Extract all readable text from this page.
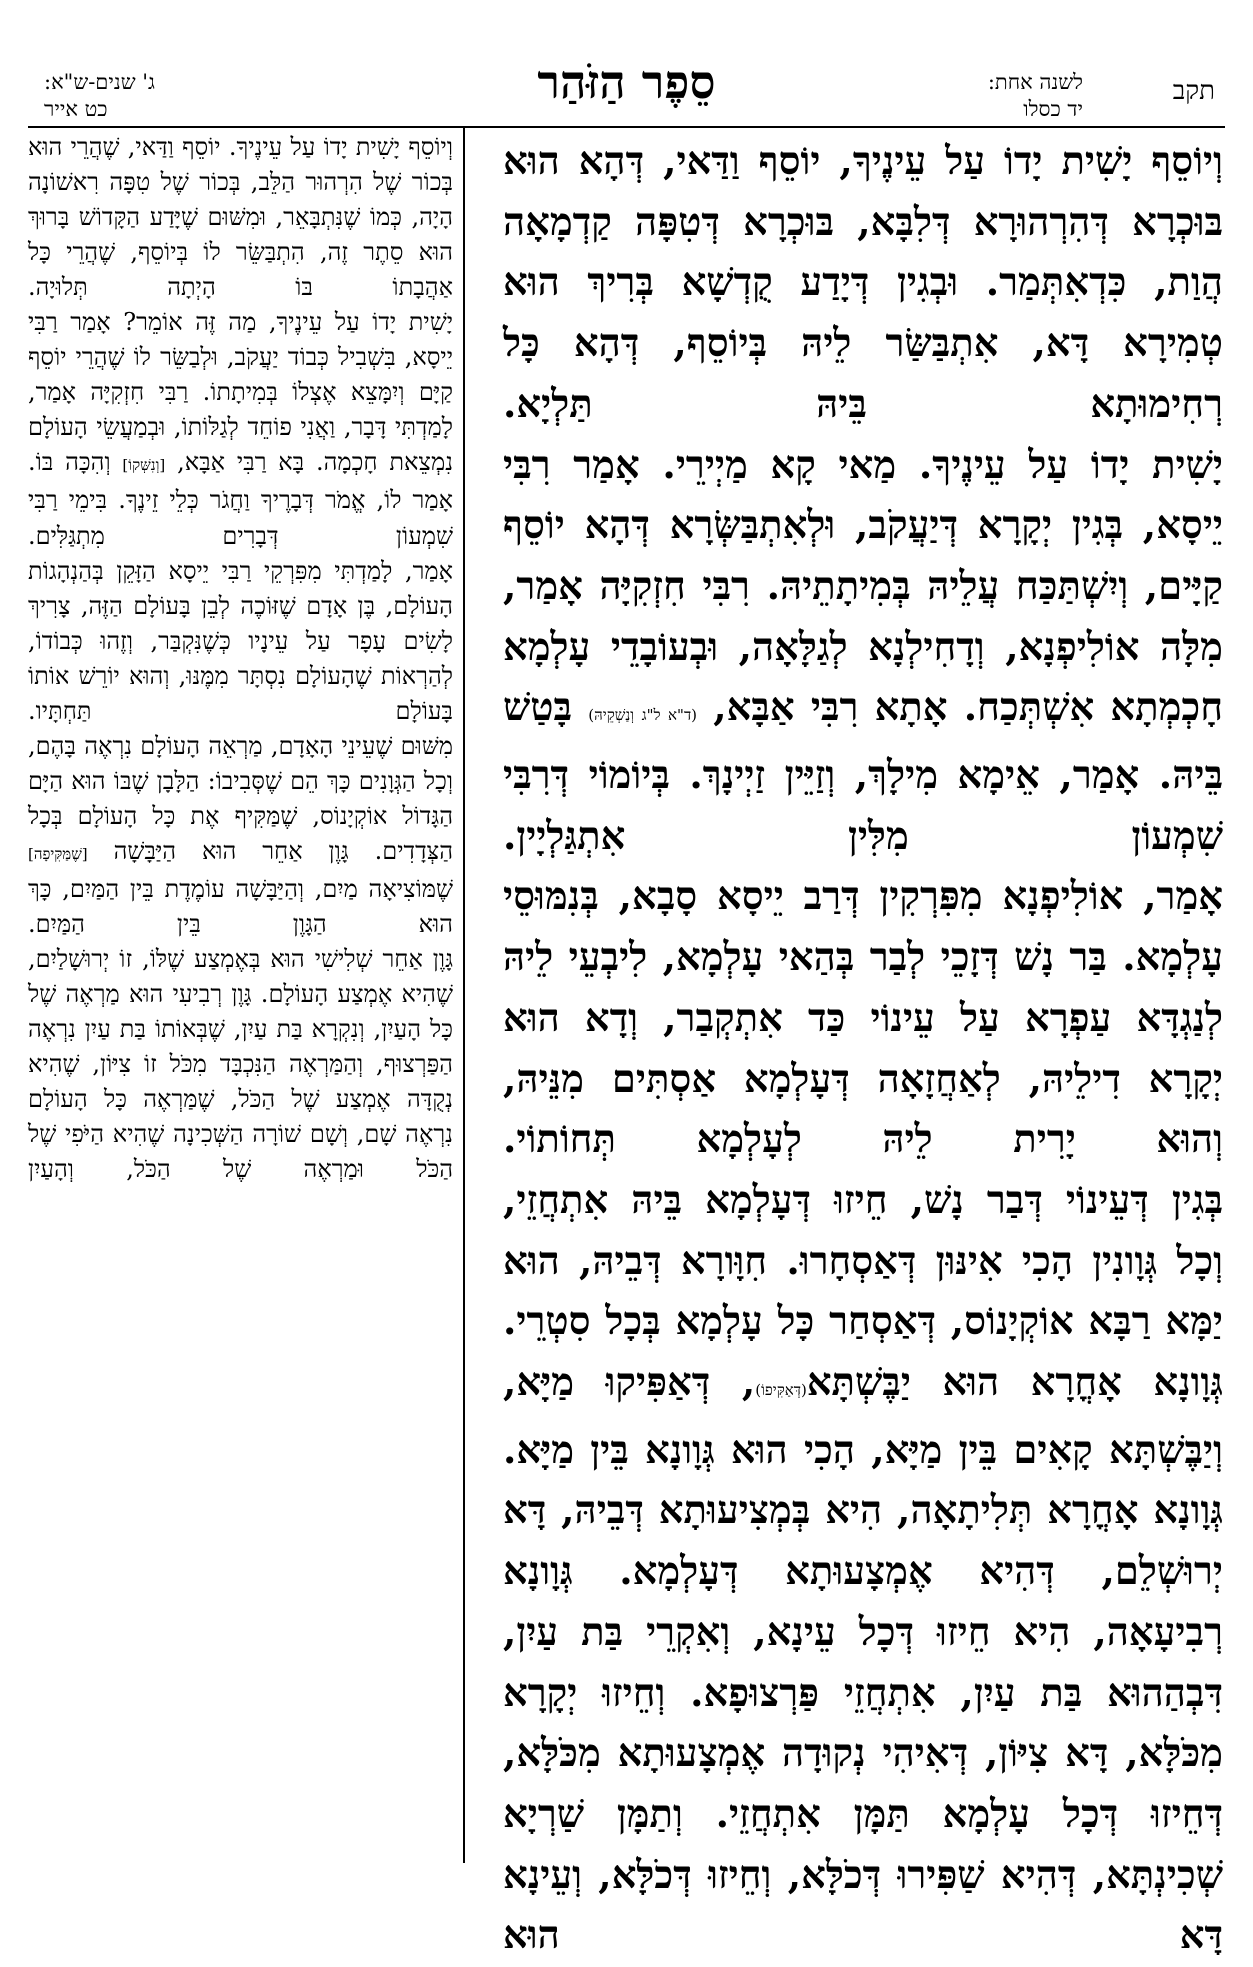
תקב
לשנה אחת:
יד כסלו
סֵפֶר הַזֹּהַר
ג' שנים-ש"א:
כט אייר

וְיוֹסֵף יָשִׁית יָדוֹ עַל עֵינֶיךָ, יוֹסֵף וַדַּאי, דְּהָא הוּא בּוּכְרָא דְּהִרְהוּרָא דְּלִבָּא, בּוּכְרָא דְּטִפָּה קַדְמָאָה הֲוַת, כִּדְאִתְּמַר. וּבְגִין דְּיָדַע קֻדְשָׁא בְּרִיךְ הוּא טְמִירָא דָּא, אִתְבַּשַּׂר לֵיהּ בְּיוֹסֵף, דְּהָא כָּל רְחִימוּתָא בֵּיהּ תַּלְיָא.

יָשִׁית יָדוֹ עַל עֵינֶיךָ. מַאי קָא מַיְירֵי. אָמַר רִבִּי יֵיסָא, בְּגִין יְקָרָא דְּיַעֲקֹב, וּלְאִתְבַּשְּׂרָא דְּהָא יוֹסֵף קַיָּים, וְיִשְׁתַּכַּח עֲלֵיהּ בְּמִיתָתֵיהּ. רִבִּי חִזְקִיָּה אָמַר, מִלָּה אוֹלִיפְנָא, וְדָחִילְנָא לְגַלָּאָה, וּבְעוֹבָדֵי עָלְמָא חָכְמְתָא אִשְׁתְּכַח. אָתָא רִבִּי אַבָּא, (ד"א ל"ג וְנַשְׁקֵיהּ) בָּטַשׁ בֵּיהּ. אָמַר, אֵימָא מִילָךְ, וְזַיֵּין זַיְינָךְ. בְּיוֹמוֹי דְּרִבִּי שִׁמְעוֹן מִלִּין אִתְגַּלְיָין.

אָמַר, אוֹלִיפְנָא מִפִּרְקִין דְּרַב יֵיסָא סָבָא, בְּנִמּוּסֵי עָלְמָא. בַּר נָשׁ דְּזָכֵי לְבַר בְּהַאי עָלְמָא, לִיבְעֵי לֵיהּ לְנַגְדָּא עַפְרָא עַל עֵינוֹי כַּד אִתְקְבַר, וְדָא הוּא יְקָרָא דִילֵיהּ, לְאַחֲזָאָה דְּעָלְמָא אַסְתִּים מִנֵּיהּ, וְהוּא יָרִית לֵיהּ לְעָלְמָא תְּחוֹתוֹי.

בְּגִין דְּעֵינוֹי דְּבַר נָשׁ, חֵיזוּ דְּעָלְמָא בֵּיהּ אִתְחֲזֵי, וְכָל גְּוָונִין הָכִי אִינּוּן דְּאַסְחָרוּ. חִוָּורָא דְּבֵיהּ, הוּא יַמָּא רַבָּא אוֹקְיָנוֹס, דְּאַסְחַר כָּל עָלְמָא בְּכָל סִטְרֵי. גְּוָונָא אָחֳרָא הוּא יַבֶּשְׁתָּא(דְּאַקִּיפוֹ), דְּאַפִּיקוּ מַיָּא, וְיַבֶּשְׁתָּא קָאִים בֵּין מַיָּא, הָכִי הוּא גְּוָונָא בֵּין מַיָּא.

גְּוָונָא אָחֳרָא תְּלִיתָאָה, הִיא בְּמְצִיעוּתָא דְּבֵיהּ, דָּא יְרוּשְׁלֵם, דְּהִיא אֶמְצָעוּתָא דְּעָלְמָא. גְּוָונָא רְבִיעָאָה, הִיא חֵיזוּ דְּכָל עֵינָא, וְאִקְרֵי בַּת עַיִן, דִּבְהַהוּא בַּת עַיִן, אִתְחֲזֵי פַּרְצוּפָא. וְחֵיזוּ יְקָרָא מִכֹּלָּא, דָּא צִיּוֹן, דְּאִיהִי נְקוּדָה אֶמְצָעוּתָא מִכֹּלָּא, דְּחֵיזוּ דְּכָל עָלְמָא תַּמָּן אִתְחֲזֵי. וְתַמָּן שַׁרְיָא שְׁכִינְתָּא, דְּהִיא שַׁפִּירוּ דְּכֹלָּא, וְחֵיזוּ דְּכֹלָּא, וְעֵינָא דָּא הוּא

וְיוֹסֵף יָשִׁית יָדוֹ עַל עֵינֶיךָ. יוֹסֵף וַדַּאי, שֶׁהֲרֵי הוּא בְּכוֹר שֶׁל הִרְהוּר הַלֵּב, בְּכוֹר שֶׁל טִפָּה רִאשׁוֹנָה הָיָה, כְּמוֹ שֶׁנִּתְבָּאֵר, וּמִשּׁוּם שֶׁיָּדַע הַקָּדוֹשׁ בָּרוּךְ הוּא סֵתֶר זֶה, הִתְבַּשֵּׂר לוֹ בְּיוֹסֵף, שֶׁהֲרֵי כָּל אַהֲבָתוֹ בּוֹ הָיְתָה תְּלוּיָה.

יָשִׁית יָדוֹ עַל עֵינֶיךָ, מַה זֶּה אוֹמֵר? אָמַר רַבִּי יֵיסָא, בִּשְׁבִיל כְּבוֹד יַעֲקֹב, וּלְבַשֵּׂר לוֹ שֶׁהֲרֵי יוֹסֵף קַיָּם וְיִמָּצֵא אֶצְלוֹ בְּמִיתָתוֹ. רַבִּי חִזְקִיָּה אָמַר, לָמַדְתִּי דָּבָר, וַאֲנִי פוֹחֵד לְגַלּוֹתוֹ, וּבְמַעֲשֵׂי הָעוֹלָם נִמְצֵאת חָכְמָה. בָּא רַבִּי אַבָּא, [וְנִשְּׁקוֹ] וְהִכָּה בּוֹ. אָמַר לוֹ, אֱמֹר דְּבָרֶיךָ וַחֲגֹר כְּלֵי זֵינֶךָ. בִּימֵי רַבִּי שִׁמְעוֹן דְּבָרִים מִתְגַּלִּים.

אָמַר, לָמַדְתִּי מִפִּרְקֵי רַבִּי יֵיסָא הַזָּקֵן בְּהַנְהָגוֹת הָעוֹלָם, בֶּן אָדָם שֶׁזּוֹכֶה לְבֵן בָּעוֹלָם הַזֶּה, צָרִיךְ לָשִׂים עָפָר עַל עֵינָיו כְּשֶׁנִּקְבַּר, וְזֶהוּ כְּבוֹדוֹ, לְהַרְאוֹת שֶׁהָעוֹלָם נִסְתָּר מִמֶּנּוּ, וְהוּא יוֹרֵשׁ אוֹתוֹ בָּעוֹלָם תַּחְתָּיו.

מִשּׁוּם שֶׁעֵינֵי הָאָדָם, מַרְאֵה הָעוֹלָם נִרְאֶה בָּהֶם, וְכָל הַגְּוָנִים כָּךְ הֵם שֶׁסְּבִיבוֹ: הַלָּבָן שֶׁבּוֹ הוּא הַיָּם הַגָּדוֹל אוֹקְיָנוֹס, שֶׁמַּקִּיף אֶת כָּל הָעוֹלָם בְּכָל הַצְּדָדִים. גָּוֶן אַחֵר הוּא הַיַּבָּשָׁה [שֶׁמַּקִּיפָה] שֶׁמּוֹצִיאָה מַיִם, וְהַיַּבָּשָׁה עוֹמֶדֶת בֵּין הַמַּיִם, כָּךְ הוּא הַגָּוֶן בֵּין הַמַּיִם.

גָּוֶן אַחֵר שְׁלִישִׁי הוּא בְּאֶמְצַע שֶׁלּוֹ, זוֹ יְרוּשָׁלַיִם, שֶׁהִיא אֶמְצַע הָעוֹלָם. גָּוֶן רְבִיעִי הוּא מַרְאֶה שֶׁל כָּל הָעַיִן, וְנִקְרָא בַּת עַיִן, שֶׁבְּאוֹתוֹ בַּת עַיִן נִרְאֶה הַפַּרְצוּף, וְהַמַּרְאֶה הַנִּכְבָּד מִכֹּל זוֹ צִיּוֹן, שֶׁהִיא נְקֻדָּה אֶמְצַע שֶׁל הַכֹּל, שֶׁמַּרְאֶה כָּל הָעוֹלָם נִרְאֶה שָׁם, וְשָׁם שׁוֹרָה הַשְּׁכִינָה שֶׁהִיא הַיֹּפִי שֶׁל הַכֹּל וּמַרְאֶה שֶׁל הַכֹּל, וְהָעַיִן
